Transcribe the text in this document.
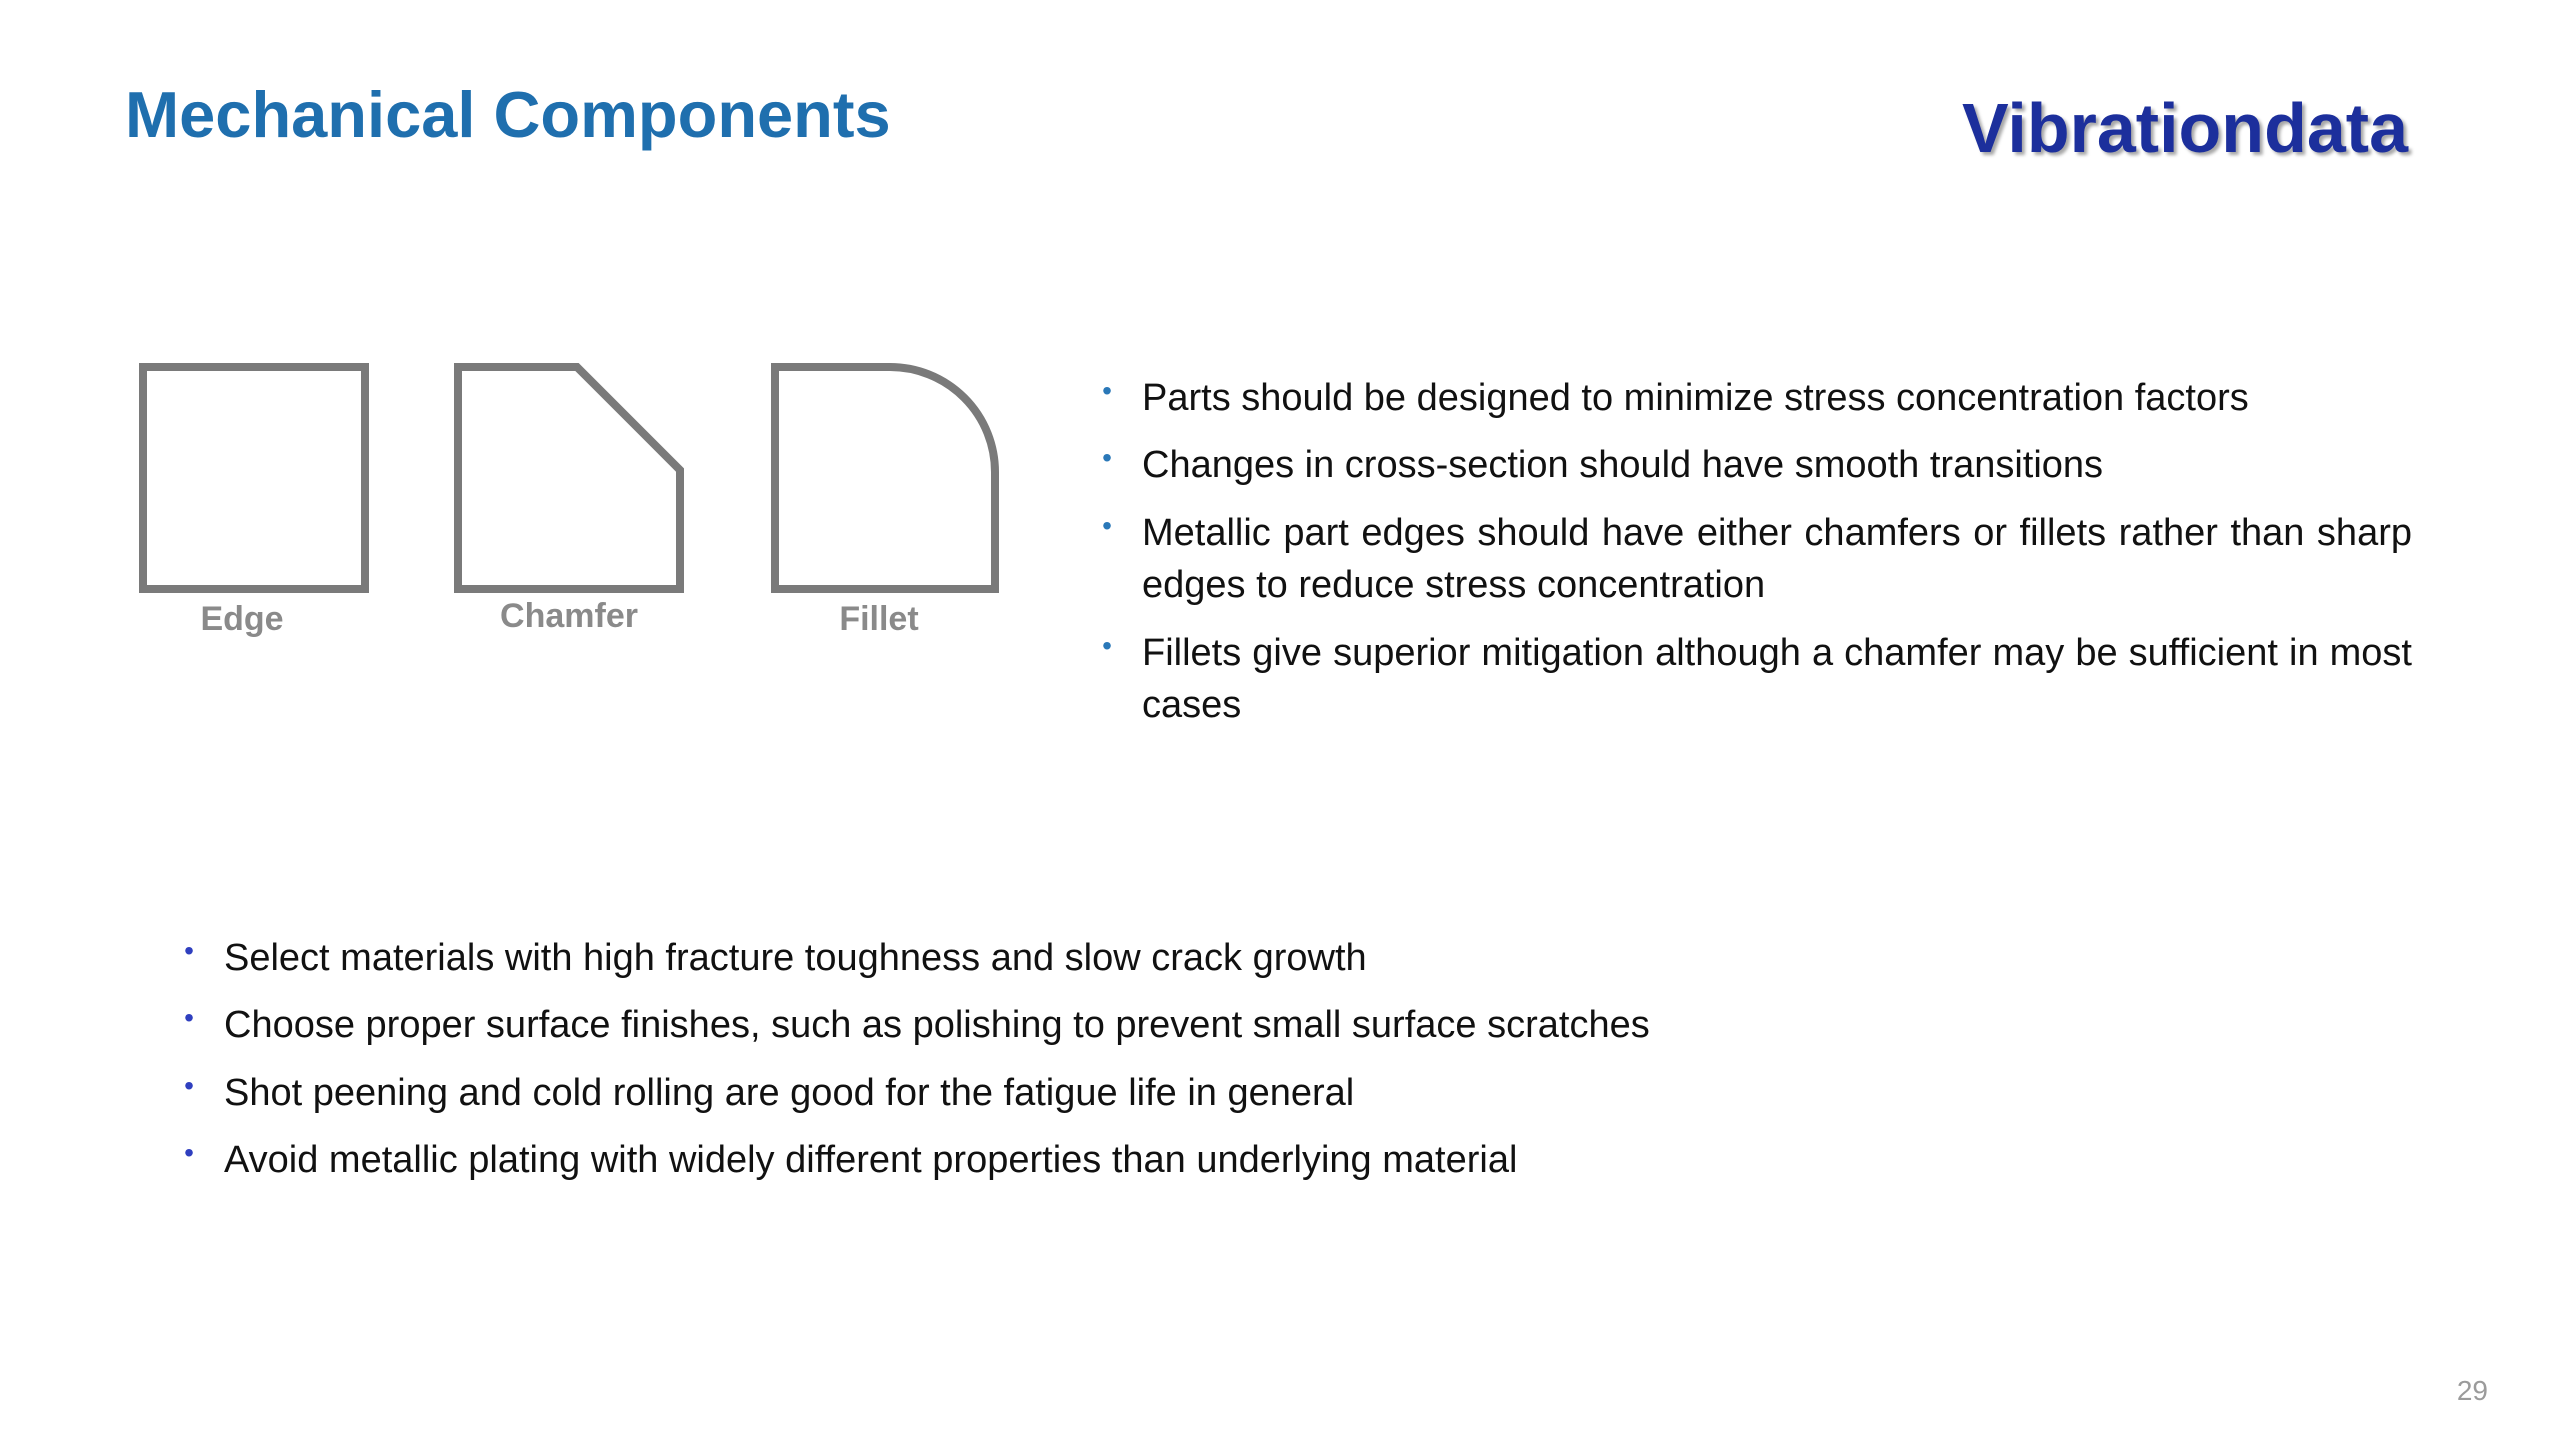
Mechanical Components	Vibrationdata
Edge	Chamfer	Fillet
• Parts should be designed to minimize stress concentration factors
• Changes in cross-section should have smooth transitions
• Metallic part edges should have either chamfers or fillets rather than sharp edges to reduce stress concentration
• Fillets give superior mitigation although a chamfer may be sufficient in most cases
• Select materials with high fracture toughness and slow crack growth
• Choose proper surface finishes, such as polishing to prevent small surface scratches
• Shot peening and cold rolling are good for the fatigue life in general
• Avoid metallic plating with widely different properties than underlying material
29
